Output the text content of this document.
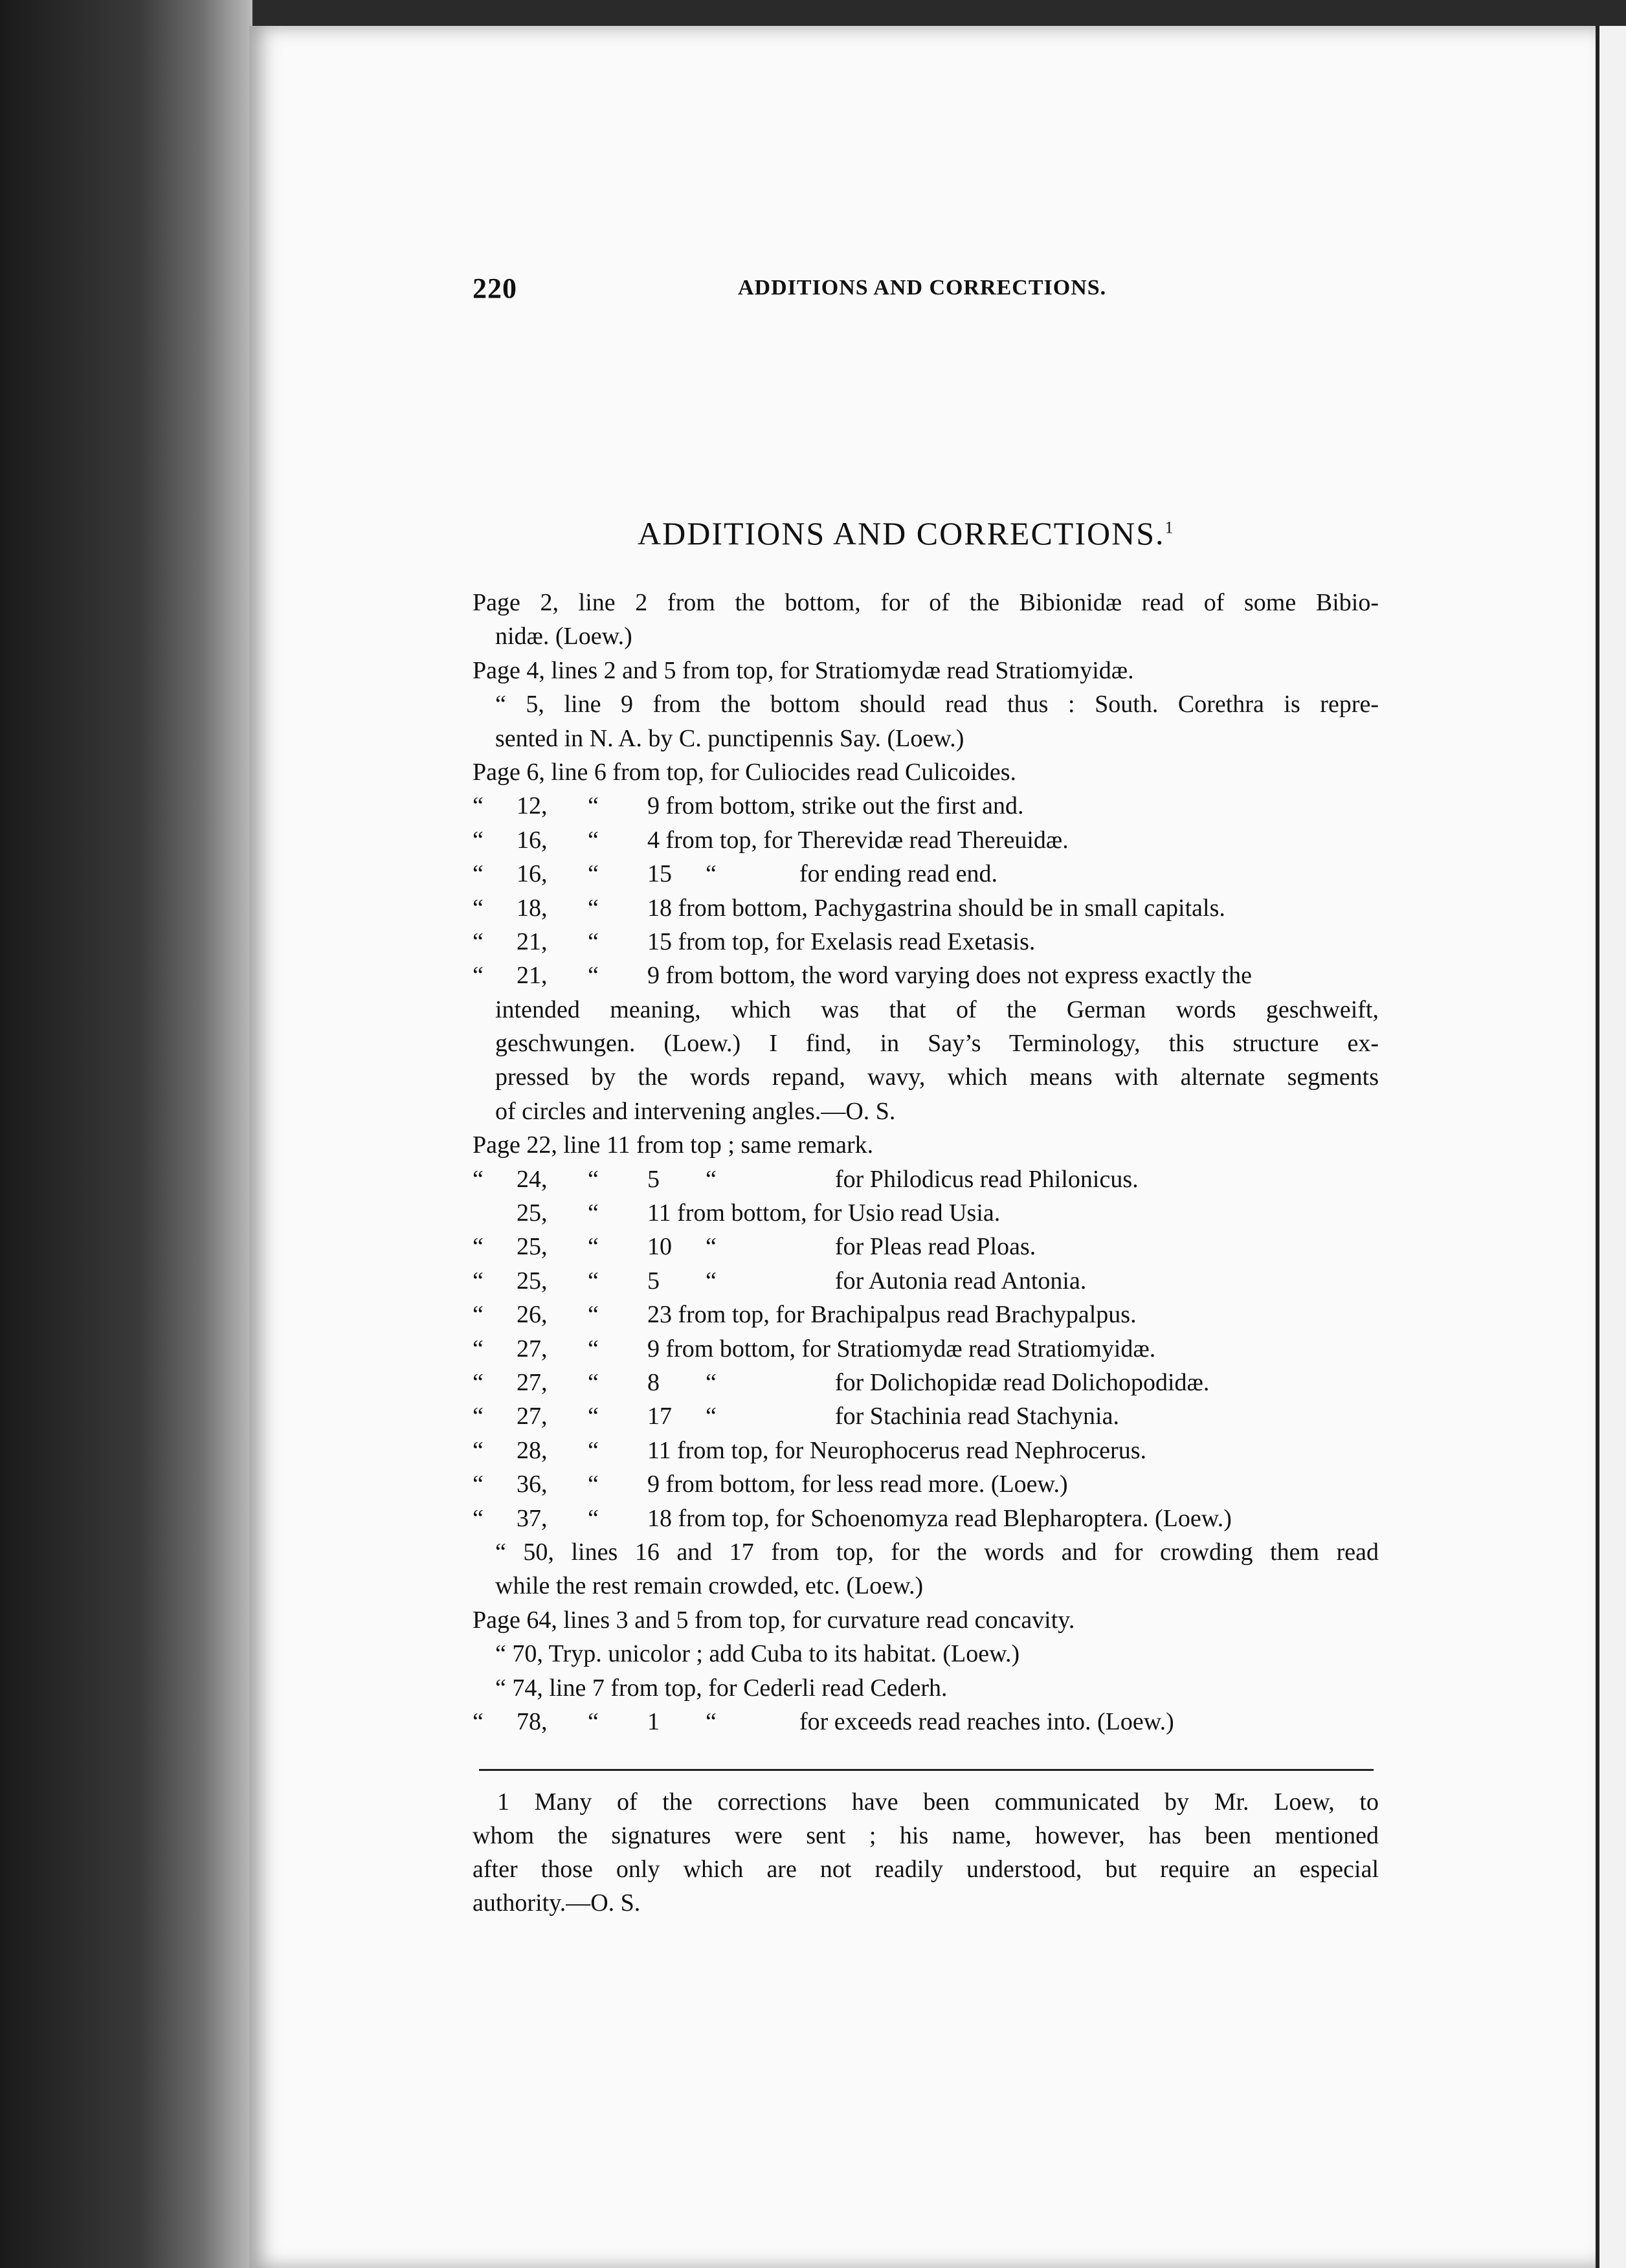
220	ADDITIONS AND CORRECTIONS.
ADDITIONS AND CORRECTIONS.$^1$
Page 2, line 2 from the bottom, for of the Bibionidæ read of some Bibio-
nidæ. (Loew.)
Page 4, lines 2 and 5 from top, for Stratiomydæ read Stratiomyidæ.
“ 5, line 9 from the bottom should read thus : South. Corethra is repre-
sented in N. A. by C. punctipennis Say. (Loew.)
Page 6, line 6 from top, for Culiocides read Culicoides.
“ 12, “ 9 from bottom, strike out the first and.
“ 16, “ 4 from top, for Therevidæ read Thereuidæ.
“ 16, “ 15 “	for ending read end.
“ 18, “ 18 from bottom, Pachygastrina should be in small capitals.
“ 21, “ 15 from top, for Exelasis read Exetasis.
“ 21, “ 9 from bottom, the word varying does not express exactly the
intended meaning, which was that of the German words geschweift,
geschwungen. (Loew.) I find, in Say’s Terminology, this structure ex-
pressed by the words repand, wavy, which means with alternate segments
of circles and intervening angles.—O. S.
Page 22, line 11 from top ; same remark.
“ 24, “ 5 “	for Philodicus read Philonicus.
25, “ 11 from bottom, for Usio read Usia.
“ 25, “ 10 “	for Pleas read Ploas.
“ 25, “ 5 “	for Autonia read Antonia.
“ 26, “ 23 from top, for Brachipalpus read Brachypalpus.
“ 27, “ 9 from bottom, for Stratiomydæ read Stratiomyidæ.
“ 27, “ 8 “	for Dolichopidæ read Dolichopodidæ.
“ 27, “ 17 “	for Stachinia read Stachynia.
“ 28, “ 11 from top, for Neurophocerus read Nephrocerus.
“ 36, “ 9 from bottom, for less read more. (Loew.)
“ 37, “ 18 from top, for Schoenomyza read Blepharoptera. (Loew.)
“ 50, lines 16 and 17 from top, for the words and for crowding them read
while the rest remain crowded, etc. (Loew.)
Page 64, lines 3 and 5 from top, for curvature read concavity.
“ 70, Tryp. unicolor ; add Cuba to its habitat. (Loew.)
“ 74, line 7 from top, for Cederli read Cederh.
“ 78, “ 1 “	for exceeds read reaches into. (Loew.)
1 Many of the corrections have been communicated by Mr. Loew, to
whom the signatures were sent ; his name, however, has been mentioned
after those only which are not readily understood, but require an especial
authority.—O. S.
